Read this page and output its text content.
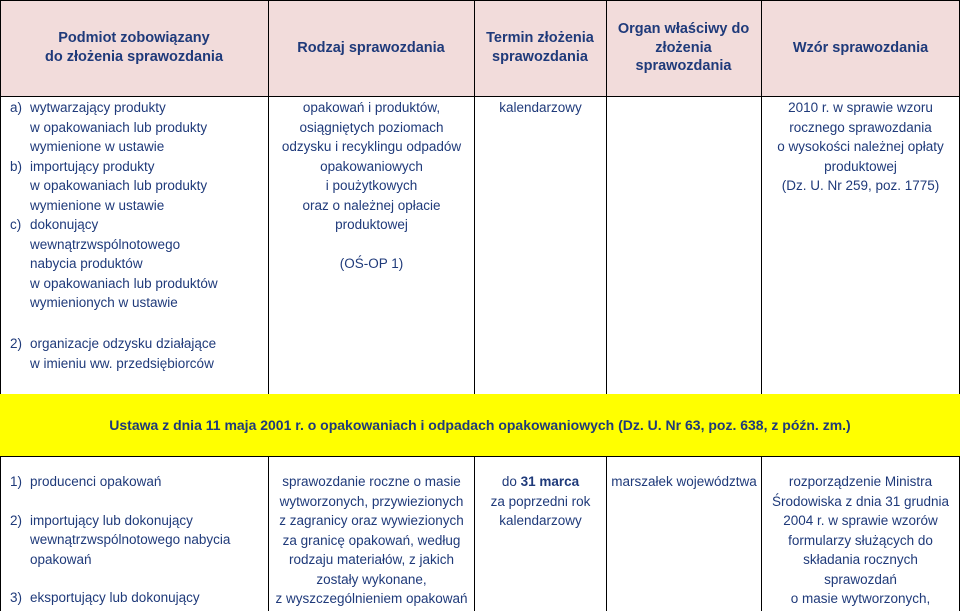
Podmiot zobowiązany
do złożenia sprawozdania
Rodzaj sprawozdania
Termin złożenia
sprawozdania
Organ właściwy do
złożenia sprawozdania
Wzór sprawozdania
a) wytwarzający produkty
w opakowaniach lub produkty
wymienione w ustawie
b) importujący produkty
w opakowaniach lub produkty
wymienione w ustawie
c) dokonujący
wewnątrzwspólnotowego
nabycia produktów
w opakowaniach lub produktów
wymienionych w ustawie
2) organizacje odzysku działające
w imieniu ww. przedsiębiorców
opakowań i produktów,
osiągniętych poziomach
odzysku i recyklingu odpadów
opakowaniowych
i poużytkowych
oraz o należnej opłacie
produktowej

(OŚ-OP 1)
kalendarzowy	2010 r. w sprawie wzoru
rocznego sprawozdania
o wysokości należnej opłaty
produktowej
(Dz. U. Nr 259, poz. 1775)
Ustawa z dnia 11 maja 2001 r. o opakowaniach i odpadach opakowaniowych (Dz. U. Nr 63, poz. 638, z późn. zm.)
1) producenci opakowań
2) importujący lub dokonujący
wewnątrzwspólnotowego nabycia
opakowań
3) eksportujący lub dokonujący
sprawozdanie roczne o masie
wytworzonych, przywiezionych
z zagranicy oraz wywiezionych
za granicę opakowań, według
rodzaju materiałów, z jakich
zostały wykonane,
z wyszczególnieniem opakowań
do 31 marca
za poprzedni rok
kalendarzowy
marszałek województwa	rozporządzenie Ministra
Środowiska z dnia 31 grudnia
2004 r. w sprawie wzorów
formularzy służących do
składania rocznych
sprawozdań
o masie wytworzonych,
